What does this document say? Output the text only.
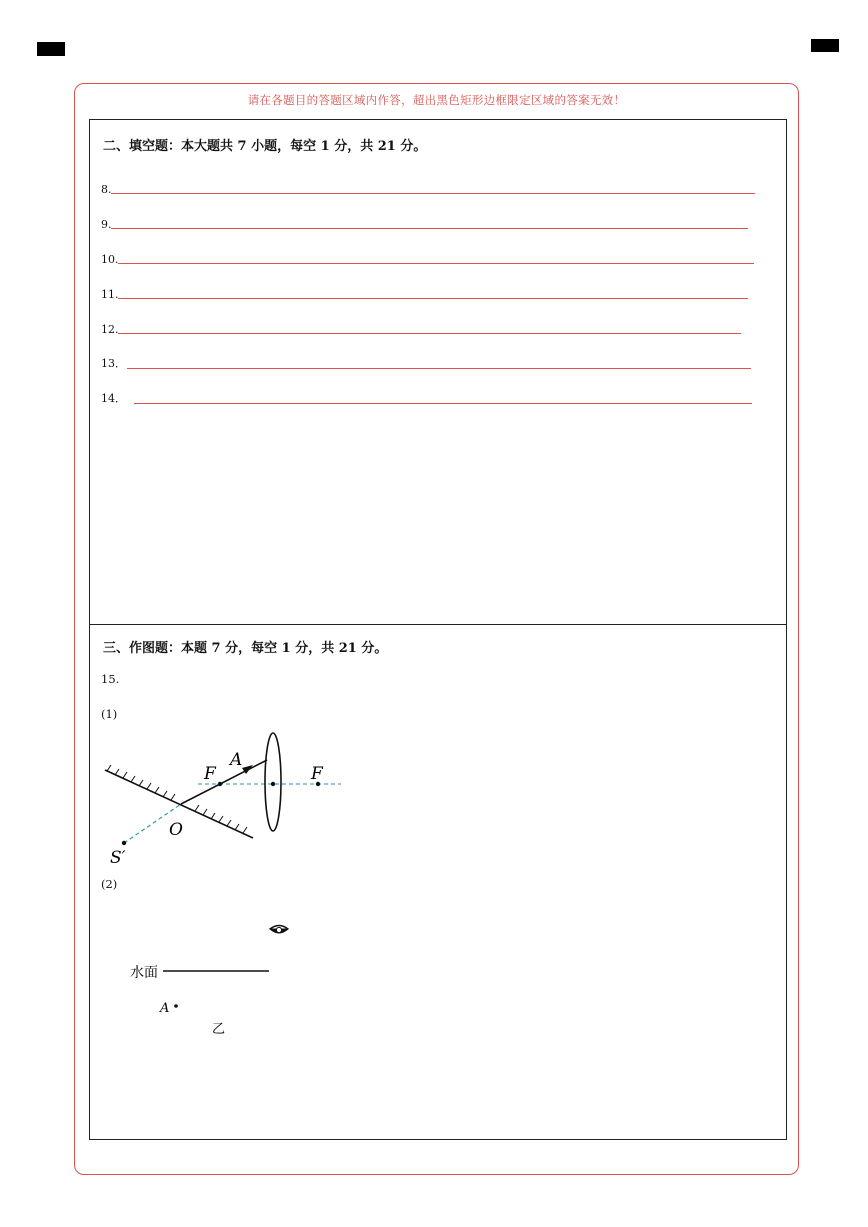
请在各题目的答题区域内作答，超出黑色矩形边框限定区域的答案无效！
二、填空题：本大题共 7 小题，每空 1 分，共 21 分。
8.
9.
10.
11.
12.
13．
14．
三、作图题：本题 7 分，每空 1 分，共 21 分。
15.
(1)
(2)
F
A
F
O
S′
水面
A
乙
